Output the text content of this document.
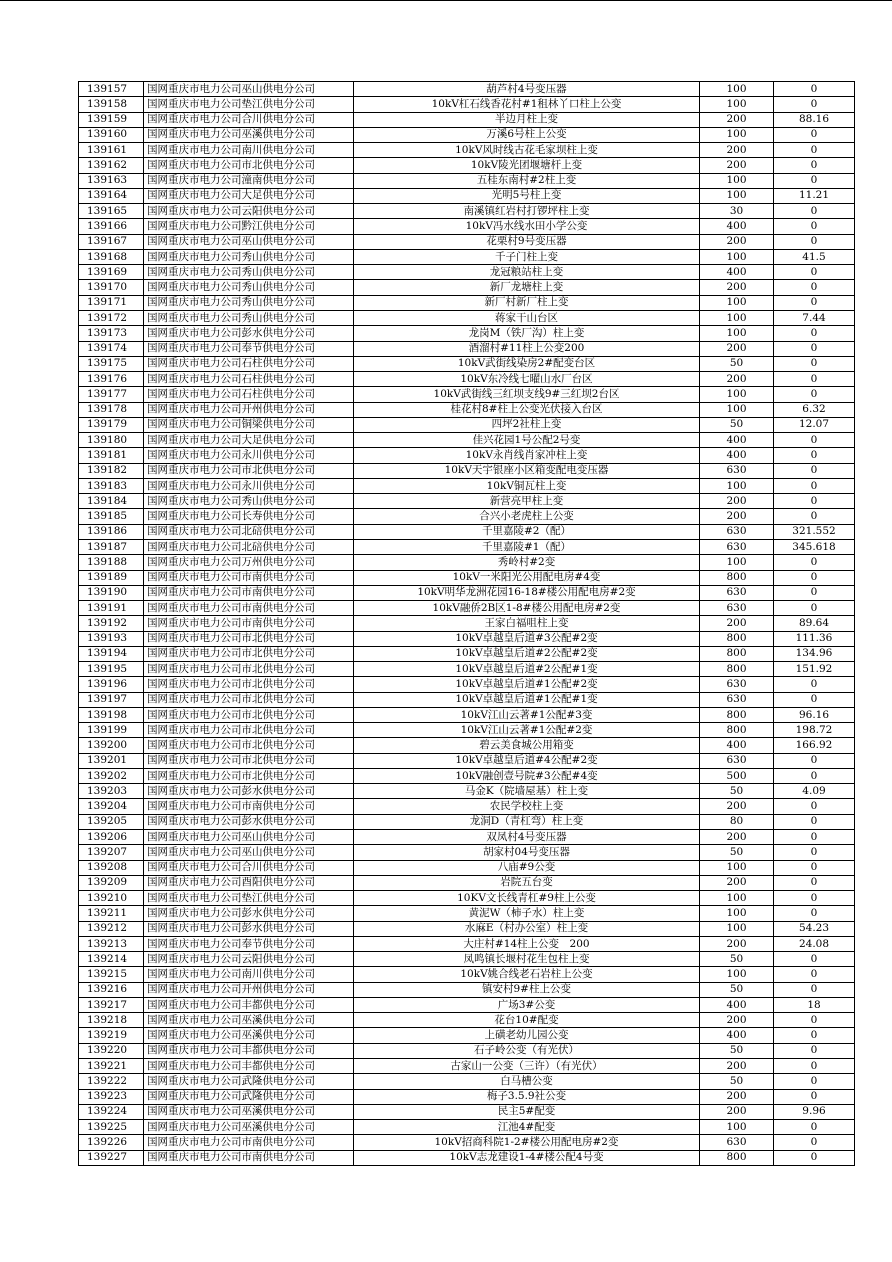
139157	国网重庆市电力公司巫山供电分公司	葫芦村4号变压器	100	0
139158	国网重庆市电力公司垫江供电分公司	10kV杠石线香花村#1租林丫口柱上公变	100	0
139159	国网重庆市电力公司合川供电分公司	半边月柱上变	200	88.16
139160	国网重庆市电力公司巫溪供电分公司	万溪6号柱上公变	100	0
139161	国网重庆市电力公司南川供电分公司	10kV风时线古花毛家坝柱上变	200	0
139162	国网重庆市电力公司市北供电分公司	10kV陵光团堰塘杆上变	200	0
139163	国网重庆市电力公司潼南供电分公司	五桂东南村#2柱上变	100	0
139164	国网重庆市电力公司大足供电分公司	光明5号柱上变	100	11.21
139165	国网重庆市电力公司云阳供电分公司	南溪镇红岩村打锣坪柱上变	30	0
139166	国网重庆市电力公司黔江供电分公司	10kV冯水线水田小学公变	400	0
139167	国网重庆市电力公司巫山供电分公司	花栗村9号变压器	200	0
139168	国网重庆市电力公司秀山供电分公司	千子门柱上变	100	41.5
139169	国网重庆市电力公司秀山供电分公司	龙冠粮站柱上变	400	0
139170	国网重庆市电力公司秀山供电分公司	新厂龙塘柱上变	200	0
139171	国网重庆市电力公司秀山供电分公司	新厂村新厂柱上变	100	0
139172	国网重庆市电力公司秀山供电分公司	蒋家干山台区	100	7.44
139173	国网重庆市电力公司彭水供电分公司	龙岗M（铁厂沟）柱上变	100	0
139174	国网重庆市电力公司奉节供电分公司	酒溜村#11柱上公变200	200	0
139175	国网重庆市电力公司石柱供电分公司	10kV武街线染房2#配变台区	50	0
139176	国网重庆市电力公司石柱供电分公司	10kV东冷线七曜山水厂台区	200	0
139177	国网重庆市电力公司石柱供电分公司	10kV武街线三红坝支线9#三红坝2台区	100	0
139178	国网重庆市电力公司开州供电分公司	桂花村8#柱上公变光伏接入台区	100	6.32
139179	国网重庆市电力公司铜梁供电分公司	四坪2社柱上变	50	12.07
139180	国网重庆市电力公司大足供电分公司	佳兴花园1号公配2号变	400	0
139181	国网重庆市电力公司永川供电分公司	10kV永肖线肖家冲柱上变	400	0
139182	国网重庆市电力公司市北供电分公司	10kV天宇银座小区箱变配电变压器	630	0
139183	国网重庆市电力公司永川供电分公司	10kV铜瓦柱上变	100	0
139184	国网重庆市电力公司秀山供电分公司	新营亮甲柱上变	200	0
139185	国网重庆市电力公司长寿供电分公司	合兴小老虎柱上公变	200	0
139186	国网重庆市电力公司北碚供电分公司	千里嘉陵#2（配）	630	321.552
139187	国网重庆市电力公司北碚供电分公司	千里嘉陵#1（配）	630	345.618
139188	国网重庆市电力公司万州供电分公司	秀岭村#2变	100	0
139189	国网重庆市电力公司市南供电分公司	10kV一米阳光公用配电房#4变	800	0
139190	国网重庆市电力公司市南供电分公司	10kV明华龙洲花园16-18#楼公用配电房#2变	630	0
139191	国网重庆市电力公司市南供电分公司	10kV融侨2B区1-8#楼公用配电房#2变	630	0
139192	国网重庆市电力公司市南供电分公司	王家白福咀柱上变	200	89.64
139193	国网重庆市电力公司市北供电分公司	10kV卓越皇后道#3公配#2变	800	111.36
139194	国网重庆市电力公司市北供电分公司	10kV卓越皇后道#2公配#2变	800	134.96
139195	国网重庆市电力公司市北供电分公司	10kV卓越皇后道#2公配#1变	800	151.92
139196	国网重庆市电力公司市北供电分公司	10kV卓越皇后道#1公配#2变	630	0
139197	国网重庆市电力公司市北供电分公司	10kV卓越皇后道#1公配#1变	630	0
139198	国网重庆市电力公司市北供电分公司	10kV江山云著#1公配#3变	800	96.16
139199	国网重庆市电力公司市北供电分公司	10kV江山云著#1公配#2变	800	198.72
139200	国网重庆市电力公司市北供电分公司	碧云美食城公用箱变	400	166.92
139201	国网重庆市电力公司市北供电分公司	10kV卓越皇后道#4公配#2变	630	0
139202	国网重庆市电力公司市北供电分公司	10kV融创壹号院#3公配#4变	500	0
139203	国网重庆市电力公司彭水供电分公司	马金K（院墙屋基）柱上变	50	4.09
139204	国网重庆市电力公司市南供电分公司	农民学校柱上变	200	0
139205	国网重庆市电力公司彭水供电分公司	龙洞D（青杠弯）柱上变	80	0
139206	国网重庆市电力公司巫山供电分公司	双凤村4号变压器	200	0
139207	国网重庆市电力公司巫山供电分公司	胡家村04号变压器	50	0
139208	国网重庆市电力公司合川供电分公司	八庙#9公变	100	0
139209	国网重庆市电力公司酉阳供电分公司	岩院五台变	200	0
139210	国网重庆市电力公司垫江供电分公司	10KV文长线青杠#9柱上公变	100	0
139211	国网重庆市电力公司彭水供电分公司	黄泥W（柿子水）柱上变	100	0
139212	国网重庆市电力公司彭水供电分公司	水麻E（村办公室）柱上变	100	54.23
139213	国网重庆市电力公司奉节供电分公司	大庄村#14柱上公变　200	200	24.08
139214	国网重庆市电力公司云阳供电分公司	凤鸣镇长堰村花生包柱上变	50	0
139215	国网重庆市电力公司南川供电分公司	10kV姚合线老石岩柱上公变	100	0
139216	国网重庆市电力公司开州供电分公司	镇安村9#柱上公变	50	0
139217	国网重庆市电力公司丰都供电分公司	广场3#公变	400	18
139218	国网重庆市电力公司巫溪供电分公司	花台10#配变	200	0
139219	国网重庆市电力公司巫溪供电分公司	上磺老幼儿园公变	400	0
139220	国网重庆市电力公司丰都供电分公司	石子岭公变（有光伏）	50	0
139221	国网重庆市电力公司丰都供电分公司	古家山一公变（三许）（有光伏）	200	0
139222	国网重庆市电力公司武隆供电分公司	白马槽公变	50	0
139223	国网重庆市电力公司武隆供电分公司	梅子3.5.9社公变	200	0
139224	国网重庆市电力公司巫溪供电分公司	民主5#配变	200	9.96
139225	国网重庆市电力公司巫溪供电分公司	江池4#配变	100	0
139226	国网重庆市电力公司市南供电分公司	10kV招商科院1-2#楼公用配电房#2变	630	0
139227	国网重庆市电力公司市南供电分公司	10kV志龙建设1-4#楼公配4号变	800	0
